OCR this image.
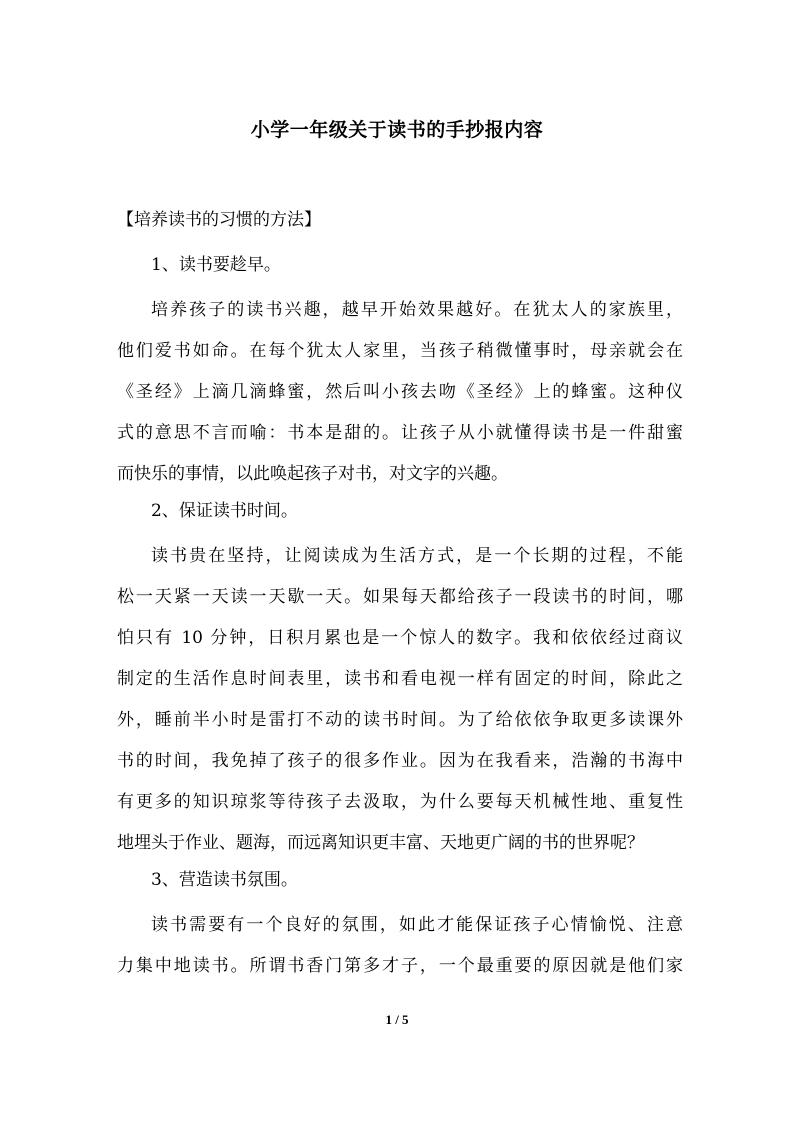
小学一年级关于读书的手抄报内容
【培养读书的习惯的方法】
1、读书要趁早。
培养孩子的读书兴趣，越早开始效果越好。在犹太人的家族里，
他们爱书如命。在每个犹太人家里，当孩子稍微懂事时，母亲就会在
《圣经》上滴几滴蜂蜜，然后叫小孩去吻《圣经》上的蜂蜜。这种仪
式的意思不言而喻：书本是甜的。让孩子从小就懂得读书是一件甜蜜
而快乐的事情，以此唤起孩子对书，对文字的兴趣。
2、保证读书时间。
读书贵在坚持，让阅读成为生活方式，是一个长期的过程，不能
松一天紧一天读一天歇一天。如果每天都给孩子一段读书的时间，哪
怕只有 10 分钟，日积月累也是一个惊人的数字。我和依依经过商议
制定的生活作息时间表里，读书和看电视一样有固定的时间，除此之
外，睡前半小时是雷打不动的读书时间。为了给依依争取更多读课外
书的时间，我免掉了孩子的很多作业。因为在我看来，浩瀚的书海中
有更多的知识琼浆等待孩子去汲取，为什么要每天机械性地、重复性
地埋头于作业、题海，而远离知识更丰富、天地更广阔的书的世界呢？
3、营造读书氛围。
读书需要有一个良好的氛围，如此才能保证孩子心情愉悦、注意
力集中地读书。所谓书香门第多才子，一个最重要的原因就是他们家
1 / 5
